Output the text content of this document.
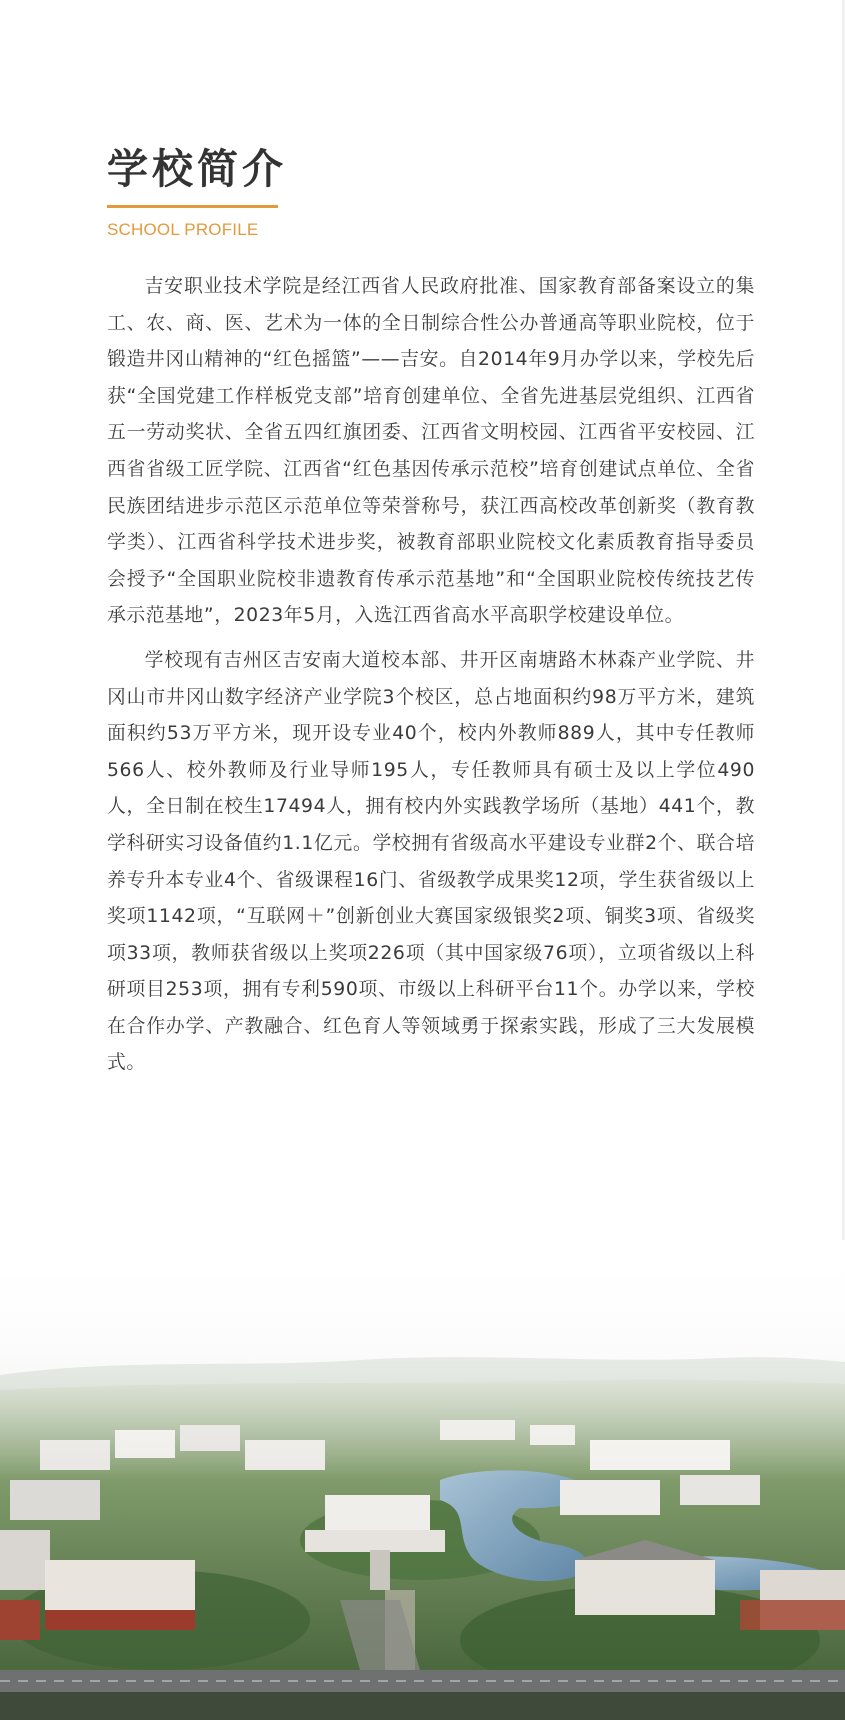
学校简介
SCHOOL PROFILE

吉安职业技术学院是经江西省人民政府批准、国家教育部备案设立的集工、农、商、医、艺术为一体的全日制综合性公办普通高等职业院校，位于锻造井冈山精神的“红色摇篮”——吉安。自2014年9月办学以来，学校先后获“全国党建工作样板党支部”培育创建单位、全省先进基层党组织、江西省五一劳动奖状、全省五四红旗团委、江西省文明校园、江西省平安校园、江西省省级工匠学院、江西省“红色基因传承示范校”培育创建试点单位、全省民族团结进步示范区示范单位等荣誉称号，获江西高校改革创新奖（教育教学类）、江西省科学技术进步奖，被教育部职业院校文化素质教育指导委员会授予“全国职业院校非遗教育传承示范基地”和“全国职业院校传统技艺传承示范基地”，2023年5月，入选江西省高水平高职学校建设单位。

学校现有吉州区吉安南大道校本部、井开区南塘路木林森产业学院、井冈山市井冈山数字经济产业学院3个校区，总占地面积约98万平方米，建筑面积约53万平方米，现开设专业40个，校内外教师889人，其中专任教师566人、校外教师及行业导师195人，专任教师具有硕士及以上学位490人，全日制在校生17494人，拥有校内外实践教学场所（基地）441个，教学科研实习设备值约1.1亿元。学校拥有省级高水平建设专业群2个、联合培养专升本专业4个、省级课程16门、省级教学成果奖12项，学生获省级以上奖项1142项，“互联网＋”创新创业大赛国家级银奖2项、铜奖3项、省级奖项33项，教师获省级以上奖项226项（其中国家级76项），立项省级以上科研项目253项，拥有专利590项、市级以上科研平台11个。办学以来，学校在合作办学、产教融合、红色育人等领域勇于探索实践，形成了三大发展模式。
